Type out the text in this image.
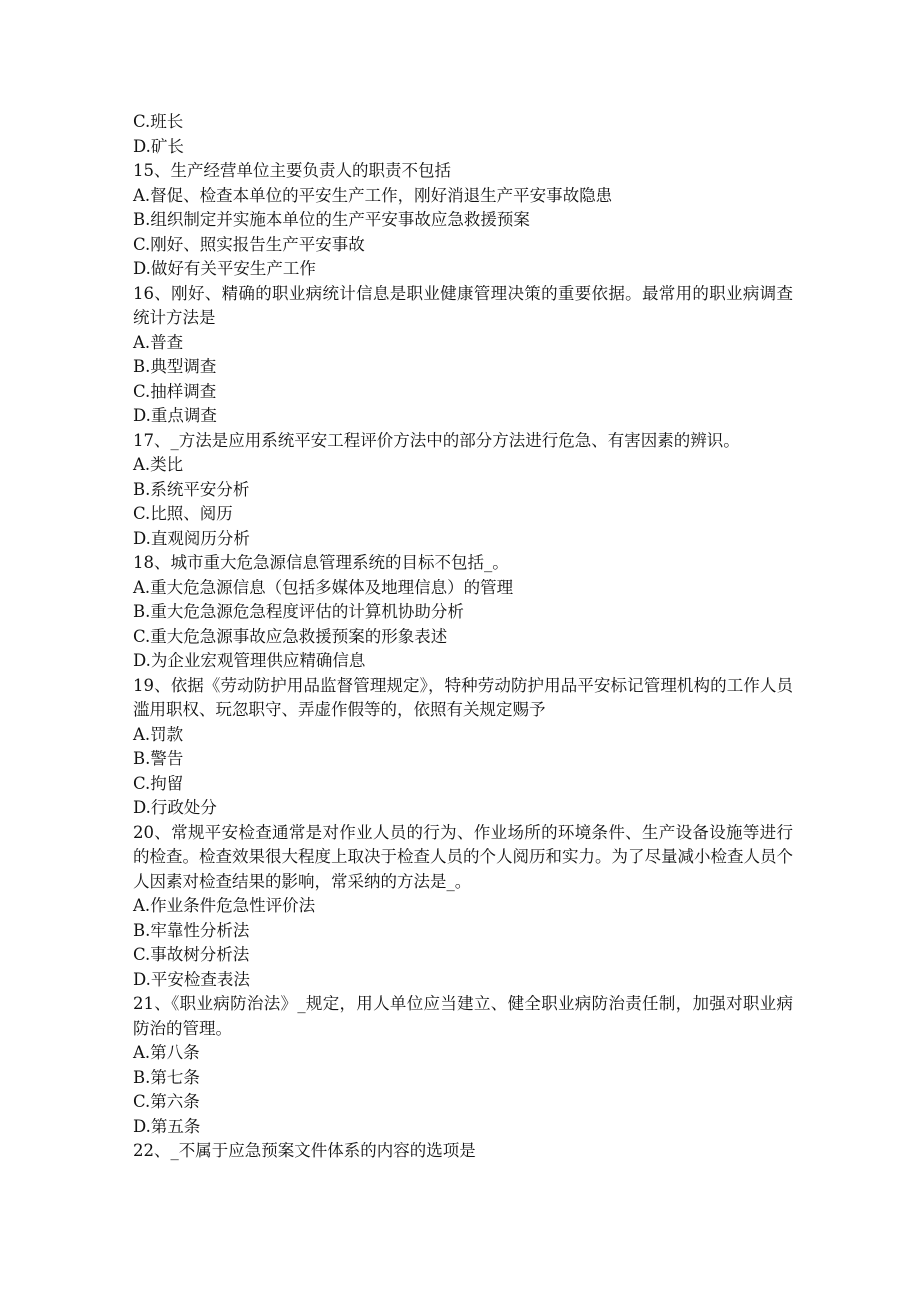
C.班长

D.矿长

15、生产经营单位主要负责人的职责不包括

A.督促、检查本单位的平安生产工作，刚好消退生产平安事故隐患

B.组织制定并实施本单位的生产平安事故应急救援预案

C.刚好、照实报告生产平安事故

D.做好有关平安生产工作

16、刚好、精确的职业病统计信息是职业健康管理决策的重要依据。最常用的职业病调查统计方法是

A.普查

B.典型调查

C.抽样调查

D.重点调查

17、_方法是应用系统平安工程评价方法中的部分方法进行危急、有害因素的辨识。

A.类比

B.系统平安分析

C.比照、阅历

D.直观阅历分析

18、城市重大危急源信息管理系统的目标不包括_。

A.重大危急源信息（包括多媒体及地理信息）的管理

B.重大危急源危急程度评估的计算机协助分析

C.重大危急源事故应急救援预案的形象表述

D.为企业宏观管理供应精确信息

19、依据《劳动防护用品监督管理规定》，特种劳动防护用品平安标记管理机构的工作人员滥用职权、玩忽职守、弄虚作假等的，依照有关规定赐予

A.罚款

B.警告

C.拘留

D.行政处分

20、常规平安检查通常是对作业人员的行为、作业场所的环境条件、生产设备设施等进行的检查。检查效果很大程度上取决于检查人员的个人阅历和实力。为了尽量减小检查人员个人因素对检查结果的影响，常采纳的方法是_。

A.作业条件危急性评价法

B.牢靠性分析法

C.事故树分析法

D.平安检查表法

21、《职业病防治法》_规定，用人单位应当建立、健全职业病防治责任制，加强对职业病防治的管理。

A.第八条

B.第七条

C.第六条

D.第五条

22、_不属于应急预案文件体系的内容的选项是
